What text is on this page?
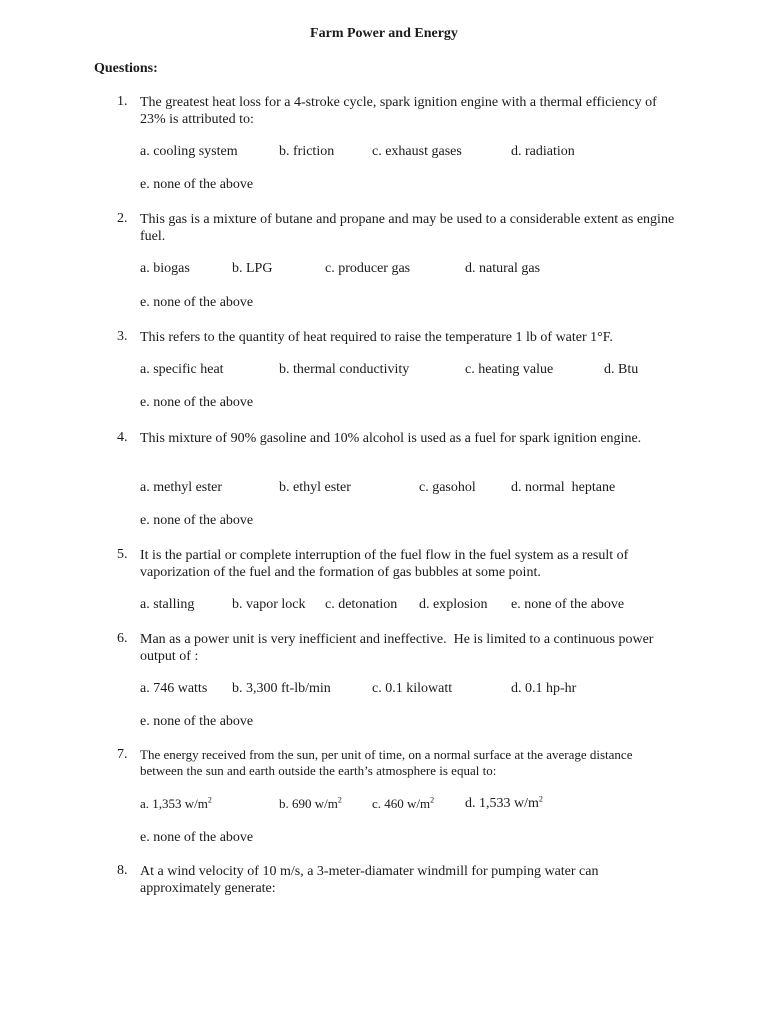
Farm Power and Energy
Questions:
1. The greatest heat loss for a 4-stroke cycle, spark ignition engine with a thermal efficiency of 23% is attributed to:
a. cooling system	b. friction	c. exhaust gases	d. radiation
e. none of the above
2. This gas is a mixture of butane and propane and may be used to a considerable extent as engine fuel.
a. biogas	b. LPG	c. producer gas	d. natural gas
e. none of the above
3. This refers to the quantity of heat required to raise the temperature 1 lb of water 1°F.
a. specific heat	b. thermal conductivity	c. heating value	d. Btu
e. none of the above
4. This mixture of 90% gasoline and 10% alcohol is used as a fuel for spark ignition engine.
a. methyl ester	b. ethyl ester	c. gasohol	d. normal  heptane
e. none of the above
5. It is the partial or complete interruption of the fuel flow in the fuel system as a result of vaporization of the fuel and the formation of gas bubbles at some point.
a. stalling	b. vapor lock c. detonation d. explosion e. none of the above
6. Man as a power unit is very inefficient and ineffective.  He is limited to a continuous power output of :
a. 746 watts b. 3,300 ft-lb/min	c. 0.1 kilowatt	d. 0.1 hp-hr
e. none of the above
7. The energy received from the sun, per unit of time, on a normal surface at the average distance between the sun and earth outside the earth’s atmosphere is equal to:
a. 1,353 $w/m^2$	b. 690 $w/m^2$ c. 460 $w/m^2$ d. 1,533 $w/m^2$
e. none of the above
8. At a wind velocity of 10 m/s, a 3-meter-diamater windmill for pumping water can approximately generate:
